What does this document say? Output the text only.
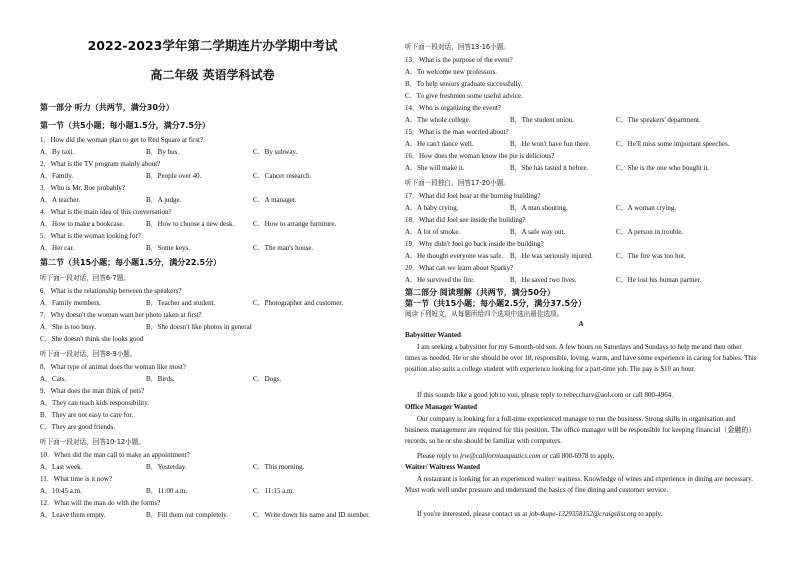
2022-2023学年第二学期连片办学期中考试
高二年级 英语学科试卷
第一部分 听力（共两节，满分30分）
第一节（共5小题；每小题1.5分，满分7.5分）
1．How did the woman plan to get to Red Square at first?
A．By taxi.	B．By bus.	C．By subway.
2．What is the TV program mainly about?
A．Family.	B．People over 40.	C．Cancer research.
3．Who is Mr. Roe probably?
A．A teacher.	B．A judge.	C．A manager.
4．What is the main idea of this conversation?
A．How to make a bookcase.	B．How to choose a new desk.	C．How to arrange furniture.
5．What is the woman looking for?
A．Her car.	B．Some keys.	C．The man's house.
第二节（共15小题；每小题1.5分，满分22.5分）
听下面一段对话，回答6-7题。
6．What is the relationship between the speakers?
A．Family members.	B．Teacher and student.	C．Photographer and customer.
7．Why doesn't the woman want her photo taken at first?
A．She is too busy.	B．She doesn't like photos in general
C．She doesn't think she looks good
听下面一段对话，回答8-9小题。
8．What type of animal does the woman like most?
A．Cats.	B．Birds.	C．Dogs.
9．What does the man think of pets?
A．They can teach kids responsibility.
B．They are not easy to care for.
C．They are good friends.
听下面一段对话，回答10-12小题。
10．When did the man call to make an appointment?
A．Last week.	B．Yesterday.	C．This morning.
11．What time is it now?
A．10:45 a.m.	B．11:00 a.m.	C．11:15 a.m.
12．What will the man do with the forms?
A．Leave them empty.	B．Fill them out completely.	C．Write down his name and ID number.
听下面一段对话，回答13-16小题。
13．What is the purpose of the event?
A．To welcome new professors.
B．To help seniors graduate successfully.
C．To give freshmen some useful advice.
14．Who is organizing the event?
A．The whole college.	B．The student union.	C．The speakers' department.
15．What is the man worried about?
A．He can't dance well.	B．He won't have fun there.	C．He'll miss some important speeches.
16．How does the woman know the pie is delicious?
A．She will make it.	B．She has tasted it before.	C．She is the one who bought it.
听下面一段独白，回答17-20小题。
17．What did Joel hear at the burning building?
A．A baby crying.	B．A man shouting.	C．A woman crying.
18．What did Joel see inside the building?
A．A lot of smoke.	B．A safe way out.	C．A person in trouble.
19．Why didn't Joel go back inside the building?
A．He thought everyone was safe. B．He was seriously injured.	C．The fire was too hot.
20．What can we learn about Sparky?
A．He survived the fire.	B．He saved two lives.	C．He lost his human partner.
第二部分 阅读理解（共两节，满分50分）
第一节（共15小题；每小题2.5分，满分37.5分）
阅读下列短文，从每题所给四个选项中选出最佳选项。
A
Babysitter Wanted
I am seeking a babysitter for my 6-month-old son. A few hours on Saturdays and Sundays to help me and then other times as needed. He or she should be over 18, responsible, loving, warm, and have some experience in caring for babies. This position also suits a college student with experience looking for a part-time job. The pay is $10 an hour.
If this sounds like a good job to you, please reply to rebeccharv@aol.com or call 800-4964.
Office Manager Wanted
Our company is looking for a full-time experienced manager to run the business. Strong skills in organisation and business management are required for this position. The office manager will be responsible for keeping financial（金融的）records, so he or she should be familiar with computers.
Please reply to jrw@californiaaquatics.com or call 800-6978 to apply.
Waiter/ Waitress Wanted
A restaurant is looking for an experienced waiter/ waitress. Knowledge of wines and experience in dining are necessary. Must work well under pressure and understand the basics of fine dining and customer service.
If you're interested, please contact us at job-tkupe-1329358152@craigslist.org to apply.
